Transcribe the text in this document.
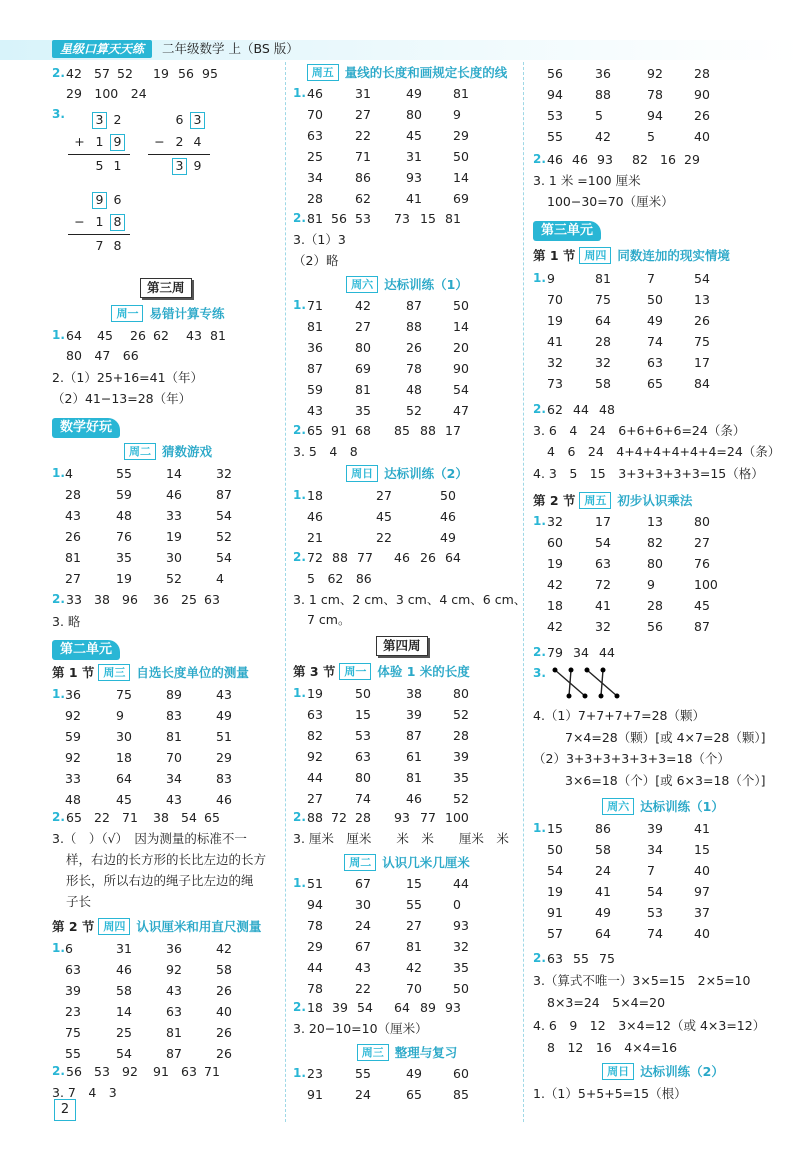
星级口算天天练	二年级数学 上（BS 版）
2. 42 57 52 19 56 95
29　100　24
3. 3 2
+ 1 9
5 1
6 3
− 2 4
3 9
9 6
− 1 8
7 8
第三周
周一 易错计算专练
1. 64 45 26 62 43 81
80　47　66
2.（1）25+16=41（年）
（2）41−13=28（年）
数学好玩
周二 猜数游戏
1. 4	55	14	32
28	59	46	87
43	48	33	54
26	76	19	52
81	35	30	54
27	19	52	4
2. 33 38 96 36 25 63
3. 略
第二单元
第 1 节 周三 自选长度单位的测量
1. 36	75	89	43
92	9	83	49
59	30	81	51
92	18	70	29
33	64	34	83
48	45	43	46
2. 65 22 71 38 54 65
3.（　）（√）　因为测量的标准不一
样，右边的长方形的长比左边的长方
形长，所以右边的绳子比左边的绳
子长
第 2 节 周四 认识厘米和用直尺测量
1. 6	31	36	42
63	46	92	58
39	58	43	26
23	14	63	40
75	25	81	26
55	54	87	26
2. 56 53 92 91 63 71
3. 7　4　3
周五 量线的长度和画规定长度的线
1. 46	31	49 81
70	27	80 9
63	22	45 29
25	71	31 50
34	86	93 14
28	62	41 69
2. 81 56 53 73 15 81
3.（1）3
（2）略
周六 达标训练（1）
1. 71	42	87 50
81	27	88 14
36	80	26 20
87	69	78 90
59	81	48 54
43	35	52 47
2. 65 91 68 85 88 17
3. 5　4　8
周日 达标训练（2）
1. 18	27	50
46	45	46
21	22	49
2. 72 88 77 46 26 64
5　62　86
3. 1 cm、2 cm、3 cm、4 cm、6 cm、
7 cm。
第四周
第 3 节 周一 体验 1 米的长度
1. 19	50	38 80
63	15	39 52
82	53	87 28
92	63	61 39
44	80	81 35
27	74	46 52
2. 88 72 28 93 77 100
3. 厘米　厘米　　米　米　　厘米　米
周二 认识几米几厘米
1. 51	67	15 44
94	30	55 0
78	24	27 93
29	67	81 32
44	43	42 35
78	22	70 50
2. 18 39 54 64 89 93
3. 20−10=10（厘米）
周三 整理与复习
1. 23	55	49 60
91	24	65 85
56	36	92 28
94	88	78 90
53	5	94 26
55	42	5	40
2. 46 46 93 82 16 29
3. 1 米 =100 厘米
100−30=70（厘米）
第三单元
第 1 节 周四 同数连加的现实情境
1. 9	81	7	54
70	75	50 13
19	64	49 26
41	28	74 75
32	32	63 17
73	58	65 84
2. 62 44 48
3. 6　4　24　6+6+6+6=24（条）
4　6　24　4+4+4+4+4+4=24（条）
4. 3　5　15　3+3+3+3+3=15（格）
第 2 节 周五 初步认识乘法
1. 32	17	13 80
60	54	82 27
19	63	80 76
42	72	9	100
18	41	28 45
42	32	56 87
2. 79 34 44
3.
4.（1）7+7+7+7=28（颗）
7×4=28（颗）[或 4×7=28（颗）]
（2）3+3+3+3+3+3=18（个）
3×6=18（个）[或 6×3=18（个）]
周六 达标训练（1）
1. 15	86	39 41
50	58	34 15
54	24	7	40
19	41	54 97
91	49	53 37
57	64	74 40
2. 63 55 75
3.（算式不唯一）3×5=15　2×5=10
8×3=24　5×4=20
4. 6　9　12　3×4=12（或 4×3=12）
8　12　16　4×4=16
周日 达标训练（2）
1.（1）5+5+5=15（根）
2
